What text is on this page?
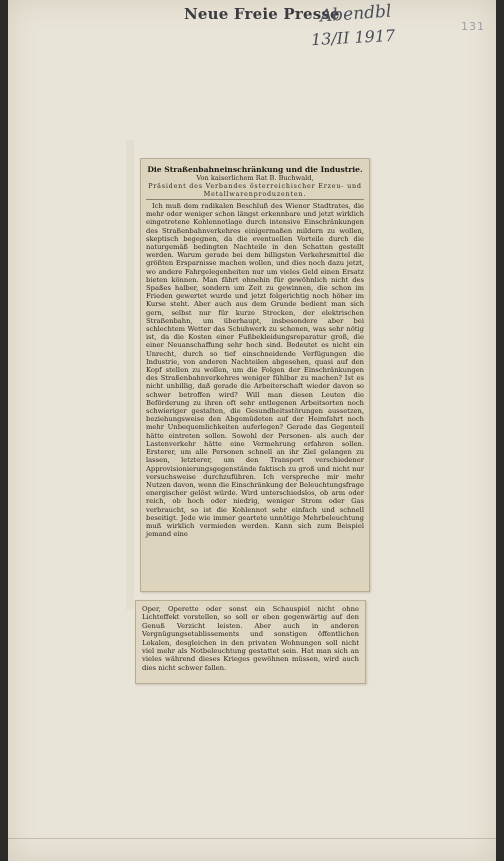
Neue Freie Presse
Abendbl
13/II 1917	131
Die Straßenbahneinschränkung und die Industrie.
Von kaiserlichem Rat B. Buchwald,
Präsident des Verbandes österreichischer Erzeu- und Metallwarenproduzenten.

Ich muß dem radikalen Beschluß des Wiener Stadtrates, die mehr oder weniger schon längst erkennbare und jetzt wirklich eingetretene Kohlennotlage durch intensive Einschränkungen des Straßenbahnverkehres einigermaßen mildern zu wollen, skeptisch begegnen, da die eventuellen Vorteile durch die naturgemäß bedingten Nachteile in den Schatten gestellt werden. Warum gerade bei dem billigsten Verkehrsmittel die größten Ersparnisse machen wollen, und dies noch dazu jetzt, wo andere Fahrgelegenheiten nur um vieles Geld einen Ersatz bieten können. Man fährt ohnehin für gewöhnlich nicht des Spaßes halber, sondern um Zeit zu gewinnen, die schon im Frieden gewertet wurde und jetzt folgerichtig noch höher im Kurse steht. Aber auch aus dem Grunde bedient man sich gern, selbst nur für kurze Strecken, der elektrischen Straßenbahn, um überhaupt, insbesondere aber bei schlechtem Wetter das Schuhwerk zu schonen, was sehr nötig ist, da die Kosten einer Fußbekleidungsreparatur groß, die einer Neuanschaffung sehr hoch sind. Bedeutet es nicht ein Unrecht, durch so tief einschneidende Verfügungen die Industrie, von anderen Nachteilen abgesehen, quasi auf den Kopf stellen zu wollen, um die Folgen der Einschränkungen des Straßenbahnverkehres weniger fühlbar zu machen? Ist es nicht unbillig, daß gerade die Arbeiterschaft wieder davon so schwer betroffen wird? Will man diesen Leuten die Beförderung zu ihren oft sehr entlegenen Arbeitsorten noch schwieriger gestalten, die Gesundheitsstörungen aussetzen, beziehungsweise den Abgemüdeten auf der Heimfahrt noch mehr Unbequemlichkeiten auferlegen? Gerade das Gegenteil hätte eintreten sollen. Sowohl der Personen- als auch der Lastenverkehr hätte eine Vermehrung erfahren sollen. Ersterer, um alle Personen schnell an ihr Ziel gelangen zu lassen, letzterer, um den Transport verschiedener Approvisionierungsgegenstände faktisch zu groß und nicht nur versuchsweise durchzuführen. Ich verspreche mir mehr Nutzen davon, wenn die Einschränkung der Beleuchtungsfrage energischer gelöst würde. Wird unterschiedslos, ob arm oder reich, ob hoch oder niedrig, weniger Strom oder Gas verbraucht, so ist die Kohlennot sehr einfach und schnell beseitigt. Jede wie immer geartete unnötige Mehrbeleuchtung muß wirklich vermieden werden. Kann sich zum Beispiel jemand eine

Oper, Operette oder sonst ein Schauspiel nicht ohne Lichteffekt vorstellen, so soll er eben gegenwärtig auf den Genuß Verzicht leisten. Aber auch in anderen Vergnügungsetablissements und sonstigen öffentlichen Lokalen, desgleichen in den privaten Wohnungen soll nicht viel mehr als Notbeleuchtung gestattet sein. Hat man sich an vieles während dieses Krieges gewöhnen müssen, wird auch dies nicht schwer fallen.
